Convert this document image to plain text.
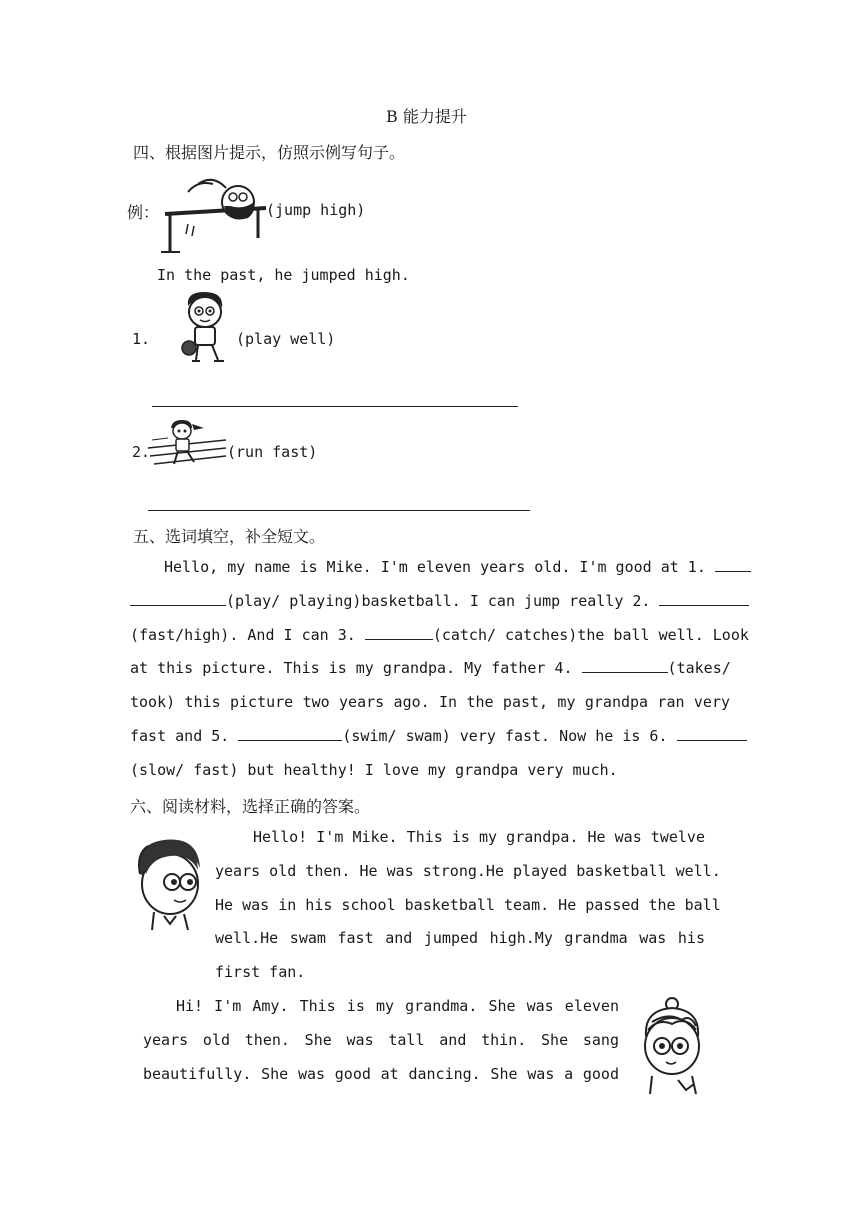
B 能力提升
四、根据图片提示，仿照示例写句子。
例：	(jump high)
In the past, he jumped high.
1.	(play well)
2.	(run fast)
五、选词填空，补全短文。
Hello, my name is Mike. I'm eleven years old. I'm good at 1.
(play/ playing)basketball. I can jump really 2.
(fast/high). And I can 3.	(catch/ catches)the ball well. Look
at this picture. This is my grandpa. My father 4.	(takes/
took) this picture two years ago. In the past, my grandpa ran very
fast and 5.	(swim/ swam) very fast. Now he is 6.
(slow/ fast) but healthy! I love my grandpa very much.
六、阅读材料，选择正确的答案。
Hello! I'm Mike. This is my grandpa. He was twelve
years old then. He was strong.He played basketball well.
He was in his school basketball team. He passed the ball
well.He swam fast and jumped high.My grandma was his
first fan.
Hi! I'm Amy. This is my grandma. She was eleven
years old then. She was tall and thin. She sang
beautifully. She was good at dancing. She was a good
